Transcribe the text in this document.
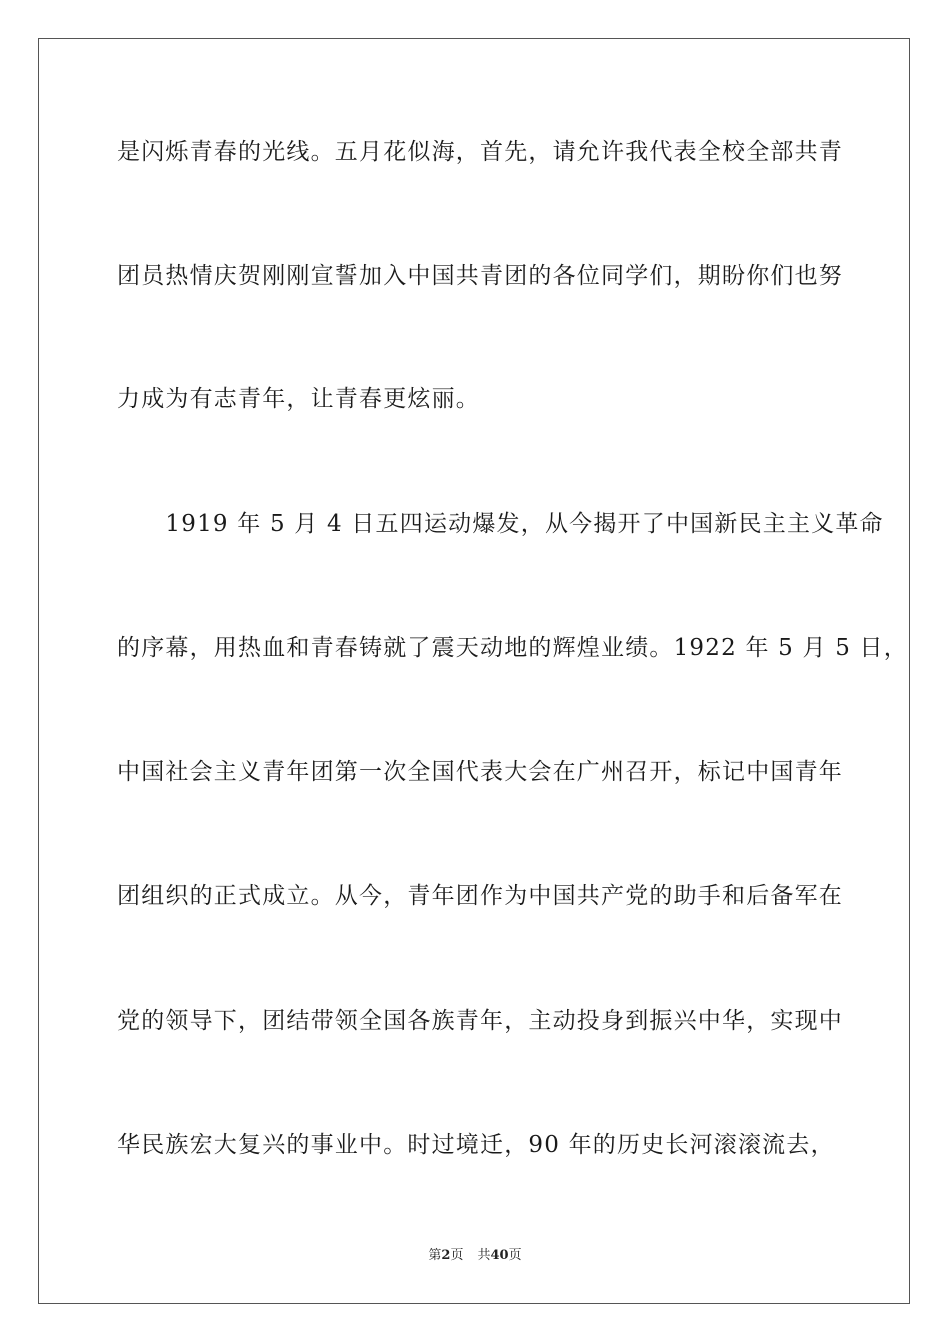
是闪烁青春的光线。五月花似海，首先，请允许我代表全校全部共青
团员热情庆贺刚刚宣誓加入中国共青团的各位同学们，期盼你们也努
力成为有志青年，让青春更炫丽。
　　1919 年 5 月 4 日五四运动爆发，从今揭开了中国新民主主义革命
的序幕，用热血和青春铸就了震天动地的辉煌业绩。1922 年 5 月 5 日，
中国社会主义青年团第一次全国代表大会在广州召开，标记中国青年
团组织的正式成立。从今，青年团作为中国共产党的助手和后备军在
党的领导下，团结带领全国各族青年，主动投身到振兴中华，实现中
华民族宏大复兴的事业中。时过境迁，90 年的历史长河滚滚流去，
第2页 共40页
